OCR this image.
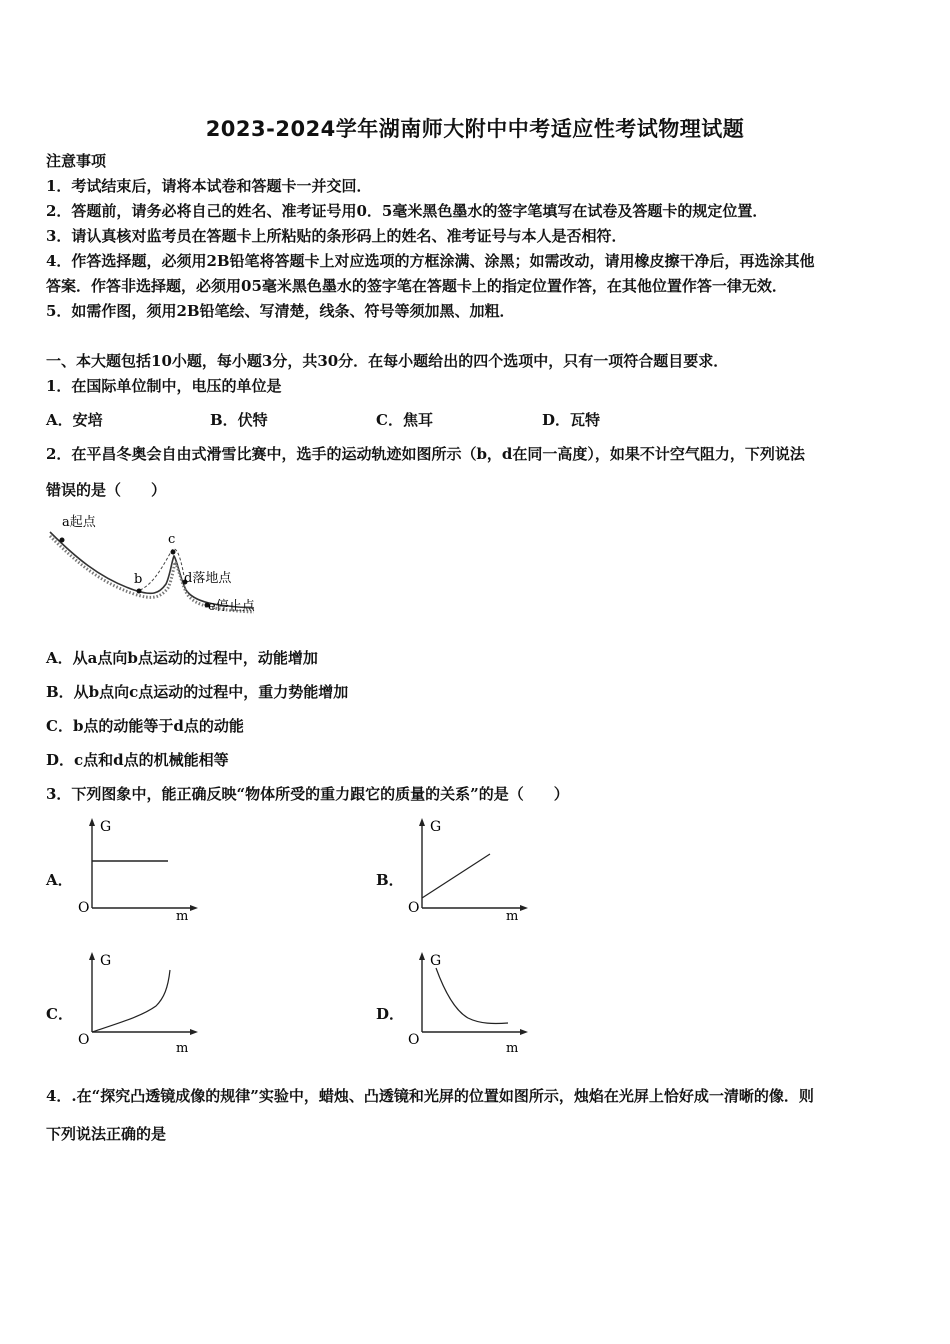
2023-2024学年湖南师大附中中考适应性考试物理试题
注意事项
1．考试结束后，请将本试卷和答题卡一并交回．
2．答题前，请务必将自己的姓名、准考证号用0．5毫米黑色墨水的签字笔填写在试卷及答题卡的规定位置．
3．请认真核对监考员在答题卡上所粘贴的条形码上的姓名、准考证号与本人是否相符．
4．作答选择题，必须用2B铅笔将答题卡上对应选项的方框涂满、涂黑；如需改动，请用橡皮擦干净后，再选涂其他
答案．作答非选择题，必须用05毫米黑色墨水的签字笔在答题卡上的指定位置作答，在其他位置作答一律无效．
5．如需作图，须用2B铅笔绘、写清楚，线条、符号等须加黑、加粗．
一、本大题包括10小题，每小题3分，共30分．在每小题给出的四个选项中，只有一项符合题目要求．
1．在国际单位制中，电压的单位是
A．安培	B．伏特	C．焦耳	D．瓦特
2．在平昌冬奥会自由式滑雪比赛中，选手的运动轨迹如图所示（b，d在同一高度），如果不计空气阻力，下列说法
错误的是（　　）
a起点
b
c
d落地点
e停止点
A．从a点向b点运动的过程中，动能增加
B．从b点向c点运动的过程中，重力势能增加
C．b点的动能等于d点的动能
D．c点和d点的机械能相等
3．下列图象中，能正确反映“物体所受的重力跟它的质量的关系”的是（　　）
A．
G
m
O
B．
G
m
O
C．
G
m
O
D．
G
m
O
4．.在“探究凸透镜成像的规律”实验中，蜡烛、凸透镜和光屏的位置如图所示，烛焰在光屏上恰好成一清晰的像．则
下列说法正确的是
